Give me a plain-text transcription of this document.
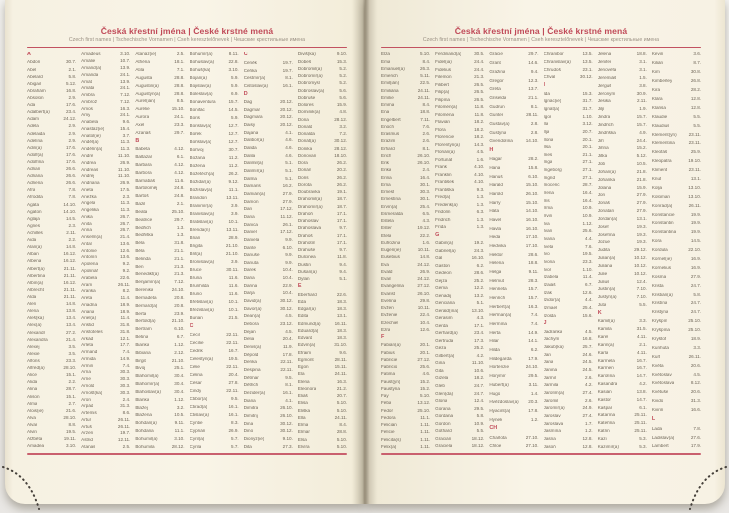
Česká křestní jména | České krstné mená
Czech first names | Tschechische Vornamen | Cseh keresztelőnevek | Чешские крестильные имена
A
Abdon	30.7.
Abel	2.1.
Abelard	5.8.
Abigail	5.12.
Abrahám	16.8.
Absolon	2.9.
Ada	17.6.
Adalbert(a)	23.4.
Adam	24.12.
Adéla	2.9.
Adelaida	2.9.
Adelína	2.9.
Adin(a)	17.6.
Adolf(a)	17.6.
Adolfína	17.6.
Adrian	26.6.
Adriána	26.6.
Adriena	26.6.
Afra	7.8.
Afrodita	7.8.
Agáta	14.10.
Agaton	14.10.
Aglaja	14.5.
Agnes	2.3.
Achilles	2.11.
Aida	2.2.
Alan(a)	14.8.
Alban	16.12.
Albena	16.12.
Albert(a)	21.11.
Albertina	21.11.
Albín(a)	16.12.
Albrecht	21.11.
Alda	21.11.
Alen	14.8.
Alena	13.8.
Aleš(ka)	13.4.
Alex(a)	13.4.
Alexandr	27.2.
Alexandra	21.4.
Alexej	3.5.
Alexie	3.5.
Alfons	23.3.
Alfréd(a)	28.10.
Alice	15.1.
Alida	2.2.
Alina	28.7.
Alison	15.1.
Alma	2.7.
Alois(ie)	21.6.
Alva	28.10.
Alvar	8.8.
Alvin	19.5.
Alžběta	19.11.
Amadea	3.10.
Amadeus	3.10.
Amálie	10.7.
Amand(a)	13.9.
Amanda	24.1.
Amát	13.9.
Amáta	24.1.
Ambra	7.12.
Ambrož	7.12.
Ámos	16.3.
Amy	24.1.
Anabela	9.6.
Anastáz(ie)	15.4.
Anatol(ie)	3.7.
Anděl(a)	11.3.
Andělín(a)	11.3.
André	11.10.
Andrea	26.9.
Andreas	11.10.
Andrej	11.10.
Andriana	26.9.
Aneta	17.5.
Anežka	2.3.
Angela	11.3.
Angelika	11.3.
Anika	26.7.
Anita	26.7.
Anna	26.7.
Anselm(a)	21.4.
Antal	13.6.
Antonie	12.6.
Antonín	13.6.
Apolena	9.2.
Apolinář	9.2.
Arabela	22.6.
Aram	26.11.
Aranka	8.2.
Areta	11.4.
Ariadna	18.9.
Ariana	18.9.
Ariel(a)	11.4.
Aristid	31.8.
Aristoteles	31.8.
Arkád	12.1.
Arleta	17.7.
Armand	7.4.
Armida	14.9.
Armin	7.4.
Arna	30.3.
Arne	30.3.
Arnold	30.3.
Arnošt(ka)	30.3.
Áron	2.4.
Árpád	31.3.
Artemis	8.6.
Artur	26.11.
Artuš	26.11.
Arzen	19.7.
Astrid	12.11.
Atanas	2.5.
Atanáz(ie)	2.5.
Athéna	18.1.
Atila	7.1.
Augusta	28.8.
Augustin(a)	28.8.
Augustýn(a)	28.8.
Aurel(ián)	8.5.
Aurélie	15.10.
Aurora	24.1.
Axel	23.3.
Azariáš	29.7.
B
Babeta	4.12.
Baltazar	6.1.
Barbara	4.12.
Barbora	4.12.
Barnabáš	11.6.
Bartoloměj	24.8.
Bartoš	24.8.
Bazil	2.1.
Beáta	25.10.
Beatrice	29.7.
Bedřich	1.3.
Bedřiška	1.3.
Béla	31.8.
Běla	21.1.
Belinda	21.1.
Ben	21.3.
Benedikt(a)	21.3.
Benjamín(a)	7.12.
Berenika	24.10.
Bernadeta	20.8.
Bernard(a)	20.8.
Berta	23.9.
Bertold(a)	21.10.
Bertram	6.10.
Betina	6.7.
Bianka	1.12.
Bibiana	2.12.
Birgit	21.10.
Bivoj	25.1.
Blahomil(a)	30.4.
Blahomír(a)	30.4.
Blahoslav(a)	30.4.
Blanka	1.12.
Blažej	3.2.
Blažena	10.5.
Bohdan(a)	9.11.
Bohdana	11.1.
Bohumil(a)	3.10.
Bohumila	28.12.
Bohumír(a)	8.11.
Bohuslav(a)	22.8.
Bohuš(ka)	3.10.
Bojan(a)	5.9.
Bojislav(a)	5.9.
Boleslav(a)	6.9.
Bonaventura	15.7.
Bonifác	14.5.
Boris	5.9.
Borislav(a)	12.7.
Bořek	12.7.
Bořislav(a)	12.7.
Bořivoj	30.7.
Božana	11.2.
Božena	11.2.
Božetěch(a)	26.2.
Božidar(a)	9.12.
Božislav(a)	11.1.
Brandon	13.11.
Branimír(a)	3.9.
Branislav(a)	3.9.
Bratislav(a)	10.1.
Brenda(n)	13.11.
Brian	28.9.
Brigita	21.10.
Brit(a)	21.10.
Bronislav(a)	3.9.
Bruce	30.11.
Bruna	11.6.
Brunhilda	11.6.
Bruno	11.6.
Břetislav(a)	10.1.
Březislav(a)	10.1.
Burian	21.5.
C
Cecil	22.11.
Cecílie	22.11.
Cedrik	16.7.
Celestýn(a)	19.5.
Célie	22.11.
Celina	20.4.
César	27.8.
Cindy	22.11.
Ctibor(a)	9.5.
Ctirad(a)	16.1.
Ctislav(a)	16.1.
Cyntie	8.3.
Cyprián	26.9.
Cyril(a)	5.7.
Cyrila	5.7.
Č
Čeněk	19.7.
Čeňka	19.7.
Čestmír(a)	8.1.
Čistoslav(a)	16.1.
D
Dag	20.12.
Dagmar	20.12.
Dagmara	20.12.
Daisy	20.12.
Dajana	4.1.
Dalibor(a)	4.6.
Dalida	4.6.
Dalila	4.6.
Dalimil(a)	5.1.
Dalimír(a)	5.1.
Dalma	5.1.
Damaris	16.2.
Damián(a)	27.9.
Damon	27.9.
Dan	17.12.
Dana	11.12.
Danica	26.1.
Daniel	17.12.
Daniela	9.9.
Dante	6.10.
Danuše	9.9.
Danuta	9.9.
Darek	10.4.
Daria	10.4.
Darina	22.9.
Darja	10.4.
David(a)	30.12.
Davor(a)	30.12.
Dean(a)	4.5.
Debora	23.12.
Dejan	4.5.
Delia	20.4.
Denis(a)	11.9.
Děpold	17.8.
Derika	22.11.
Despina	22.11.
Dětmar	9.5.
Dětřich	8.1.
Dezider(a)	16.1.
Diana	4.1.
Dimitra	26.10.
Dimitrij	26.10.
Dina	30.12.
Dino	30.12.
Dionýz(ie)	9.10.
Dita	27.3.
Diviš(ka)	9.10.
Dobeš	15.3.
Dobromil(a)	5.2.
Dobromír(a)	5.2.
Dobromysl	5.2.
Dobroslav(a)	5.6.
Dobruše	5.6.
Dolores	15.9.
Dominik(a)	4.8.
Dona	28.12.
Donald	3.2.
Donalda	7.2.
Donát(a)	30.12.
Donika	28.12.
Donovan	18.10.
Dora	26.2.
Dorián	20.2.
Doris	26.2.
Dorota	26.2.
Doubravka	19.1.
Drahomil(a)	18.7.
Drahomír(a)	18.7.
Drahoň	17.1.
Drahoslav	17.1.
Drahoslava	9.7.
Drahoš	17.1.
Drahotín	17.1.
Drahuše	9.7.
Dulcinea	11.8.
Dustin	9.4.
Dušan(a)	9.4.
Dylan	5.1.
E
Eberhard	22.6.
Eda	18.3.
Edgar(a)	18.3.
Edita	13.1.
Edmund(a)	16.11.
Eduard(a)	18.3.
Edvard	18.3.
Edvín(a)	31.10.
Efraim	9.6.
Egmont	28.11.
Egon	15.11.
Ela	24.11.
Elena	16.3.
Eleonora	21.2.
Eliáš	20.7.
Elisa	5.10.
Eliška	5.10.
Ella	24.11.
Elma	8.4.
Elmar	28.8.
Elsa	5.10.
Elvíra	5.10.
Česká křestní jména | České krstné mená
Czech first names | Tschechische Vornamen | Cseh keresztelőnevek | Чешские крестильные имена
Elza	5.10.
Ema	8.4.
Emanuel(a)	26.3.
Emerich	5.11.
Emil(ián)	22.5.
Emiliána	24.11.
Emílie	24.11.
Emma	8.4.
Ena	18.8.
Engelbert	7.11.
Enoch	7.6.
Erasmus	2.6.
Erazim	2.6.
Erhard	8.1.
Erich	26.10.
Erik	26.10.
Erika	2.4.
Erina	16.4.
Erna	30.1.
Ernest	30.3.
Ernestína	30.1.
Ervín(a)	25.4.
Esmeralda	6.5.
Estela	4.3.
Ester	19.12.
Etela	22.2.
Eufrozina	1.6.
Eugen(ie)	10.11.
Eusebius	14.8.
Eva	24.12.
Evald	26.9.
Evan	24.12.
Evangelína	27.12.
Evarist	26.10.
Evelína	29.8.
Evžen	10.11.
Evženie	22.4.
Ezechiel	10.4.
Ezra	12.6.
F
Fabián(a)	20.1.
Fabius	20.1.
Fabricie	27.12.
Fabricio	25.6.
Fatima	4.6.
Faust(ýn)	15.2.
Faustýna	15.2.
Fay	5.10.
Féba	13.12.
Fedor	25.10.
Fedora	11.1.
Felicián	1.11.
Felície	1.11.
Felicita(s)	1.11.
Felix(a)	1.11.
Ferdinand(a)	30.5.
Fidel(ia)	24.4.
Fidelius	24.4.
Filemon	21.3.
Filibert	26.5.
Filip(a)	26.5.
Filipína	26.5.
Filomén(a)	11.8.
Filoména	11.8.
Flavián	18.2.
Flora	18.2.
Florencie	18.2.
Florentýn(a)	14.3.
Florián(a)	4.5.
Fortunát	1.6.
Frank	4.10.
Franklin	4.10.
František	4.10.
Františka	9.3.
Fred(a)	1.3.
Frederik(a)	1.3.
Fridolín	6.3.
Fridrich	1.3.
Frída	1.3.
G
Gabin(a)	19.2.
Gabriel(a)	24.3.
Gál	16.10.
Gaston	6.2.
Gedeon	28.6.
Gejza	25.2.
Gema	12.2.
Genadij	13.2.
Genciána	5.1.
Gerald(ína)	13.10.
Gerasim	4.3.
Gerda	17.1.
Gerhard(a)	23.4.
Gertruda	17.3.
Géza	25.2.
Gilbert(a)	4.2.
Gina	11.10.
Gita	10.6.
Gizela	18.2.
Gleb	24.7.
Glen(da)	24.7.
Gloria	12.4.
Gorana	29.5.
Gordana	5.8.
Gordon	10.9.
Gothard	5.5.
Gracián	18.12.
Graciela	18.12.
Grácie	29.7.
Grant	14.6.
Gražina	9.4.
Gregor	12.3.
Gréta	13.7.
Griselda	21.1.
Gudrun	8.1.
Gunter	28.11.
Gustav(a)	2.8.
Gustýna	2.8.
Gvendolína	14.10.
H
Hagar	28.2.
Hana	15.8.
Hanuš	6.10.
Harald	15.10.
Harold	26.10.
Harry	15.10.
Háta	14.10.
Havel	16.10.
Havla	16.10.
Heda	17.10.
Hedvika	17.10.
Hektor	28.6.
Helena	18.8.
Helga	9.11.
Helmut	28.3.
Henrieta	15.7.
Henrich	15.7.
Herbert(a)	16.3.
Heřman(a)	7.4.
Hermína	7.4.
Herta	14.9.
Hilar	14.1.
Hilda	6.2.
Hildegarda	17.9.
Hortenzie	24.10.
Horymír	29.5.
Hubert(a)	3.11.
Hugo	1.4.
Hvězdoslav(a) 20.3.
Hyacint(a)	17.8.
Hynek	1.2.
CH
Charlota	27.10.
Chloe	27.10.
Chranibor	13.5.
Chranislav(a)	13.5.
Chrudoš	23.1.
Chval	30.12.
I
Ida	15.3.
Ignác(ie)	31.7.
Ignát(a)	31.7.
Igor	1.10.
Ila	3.12.
Ilja	20.7.
Ilona	20.1.
Ilsa	20.1.
Ines	21.1.
Inga	27.1.
Ingeborg	27.1.
Ingrid	27.1.
Inocenc	28.7.
Irena	16.4.
Iris	16.4.
Irma	10.9.
Irvin	10.9.
Iva	1.12.
Ivan	25.6.
Ivana	4.4.
Iveta	7.6.
Ivo	19.5.
Ivona	23.3.
Ivor	1.10.
Izabela	11.4.
Izaiáš	6.7.
Izák	12.6.
Izidor(a)	4.4.
Izmael	25.4.
Izolda	15.6.
J
Jadranka	4.5.
Jáchym	16.8.
Jakub(ka)	25.7.
Jan	24.6.
Jana	24.5.
Janina	24.5.
Jarmil	2.6.
Jarmila	4.2.
Jarolím(a)	27.4.
Jaromil	2.6.
Jaromír(a)	24.9.
Jaroslav	27.4.
Jaroslava	1.7.
Jasmína	1.2.
Jasna	12.8.
Jasoň	12.8.
Jelena	18.8.
Jenifer	3.1.
Jenovéfa	3.1.
Jeremiáš	1.5.
Jerguš	3.8.
Jeroným	30.9.
Jesika	2.11.
Jiljí	1.9.
Jindra	15.7.
Jindřich	15.7.
Jindřiška	4.9.
Jiří	24.4.
Jiřina	15.2.
Jitka	5.12.
Job	10.5.
Johan(a)	21.8.
Johanka	21.8.
Jolana	15.9.
Jon	27.9.
Jonáš	27.9.
Jonatan	27.9.
Jordan(a)	13.1.
Josef	19.3.
Josefína	19.3.
Jozue	19.3.
Judita	29.12.
Julian(a)	10.12.
Juliána	10.12.
Julie	10.12.
Julius	12.4.
Justin(a)	7.10.
Justýn(a)	7.10.
Juta	5.5.
K
Kamil(a)	3.3.
Kamila	31.5.
Karel	4.11.
Karin(a)	2.1.
Karla	4.11.
Karmela	16.7.
Karmen	16.7.
Karolína	14.7.
Kasandra	4.2.
Kasián	13.8.
Kastor	14.7.
Kašpar	6.1.
Katarína	25.11.
Kateřina	25.11.
Katrin	25.11.
Kazi	5.3.
Kazimír(a)	5.3.
Kevin	3.6.
Kilián	8.7.
Kim	30.8.
Kimberley	26.8.
Kira	28.2.
Klára	12.8.
Klarisa	12.8.
Klaudie	5.5.
Klaudius	5.5.
Klement(ýn)	23.11.
Klementina	23.11.
Kleofáš	25.9.
Kleopatra	19.10.
Kliment	23.11.
Knut	13.1.
Kolja	13.10.
Koloman	13.10.
Konrád(a)	26.11.
Konstancie	19.9.
Konstantin	19.9.
Konstantina	19.9.
Kora	14.5.
Kordula	22.10.
Kornel(ie)	16.9.
Kornelius	16.9.
Kosma	27.9.
Krista	24.7.
Kristián(a)	5.8.
Kristína	24.7.
Kristýna	24.7.
Kryšpín	25.10.
Kryšpína	25.10.
Kryštof	18.9.
Kunhuta	3.3.
Kurt	26.11.
Květa	20.6.
Květoslav	4.5.
Květoslava	8.12.
Květuše	20.6.
Kvido	31.3.
Kvirin	16.6.
L
Lada	7.8.
Ladislav(a)	27.6.
Lambert	17.9.
